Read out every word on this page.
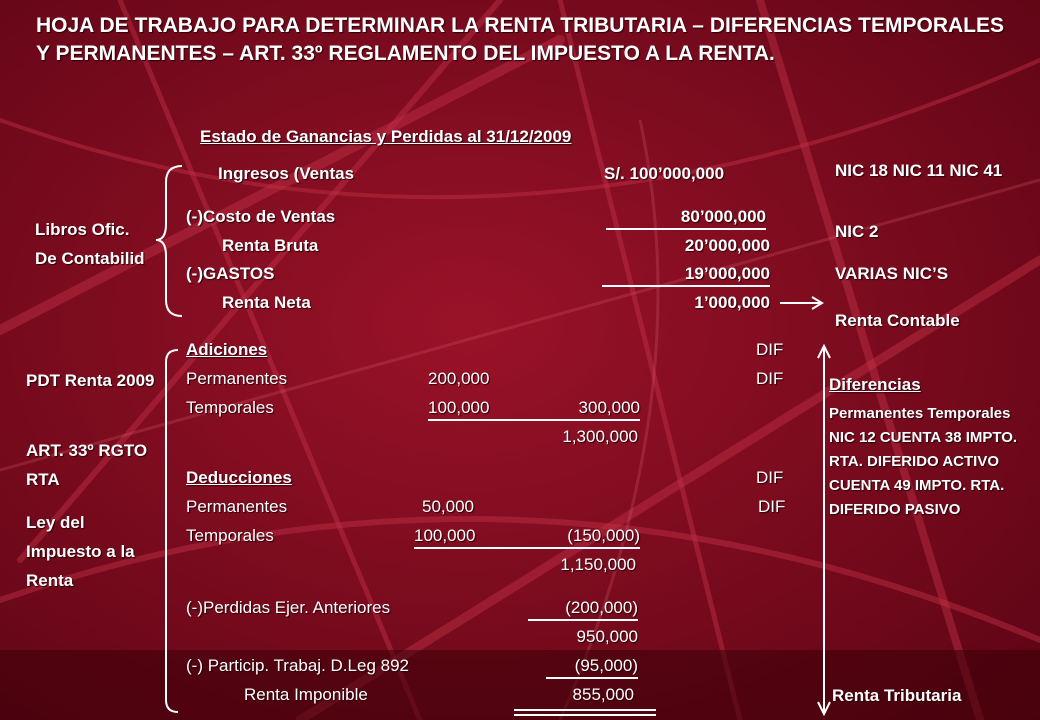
HOJA DE TRABAJO PARA DETERMINAR LA RENTA TRIBUTARIA – DIFERENCIAS TEMPORALES Y PERMANENTES – ART. 33º REGLAMENTO DEL IMPUESTO A LA RENTA.
Estado de Ganancias y Perdidas al 31/12/2009
Libros Ofic. De Contabilid
PDT Renta 2009
ART. 33º RGTO RTA
Ley del Impuesto a la Renta
Ingresos (Ventas	S/. 100’000,000
(-)Costo de Ventas	80’000,000
Renta Bruta	20’000,000
(-)GASTOS	19’000,000
Renta Neta	1’000,000
Adiciones
Permanentes	200,000
Temporales	100,000	300,000
1,300,000
Deducciones
Permanentes	50,000
Temporales	100,000	(150,000)
1,150,000
(-)Perdidas Ejer. Anteriores	(200,000)
950,000
(-) Particip. Trabaj. D.Leg 892	(95,000)
Renta Imponible	855,000
DIF
DIF
DIF
DIF
NIC 18 NIC 11 NIC 41
NIC 2
VARIAS NIC’S
Renta Contable
Diferencias
Permanentes Temporales NIC 12 CUENTA 38 IMPTO. RTA. DIFERIDO ACTIVO CUENTA 49 IMPTO. RTA. DIFERIDO PASIVO
Renta Tributaria
